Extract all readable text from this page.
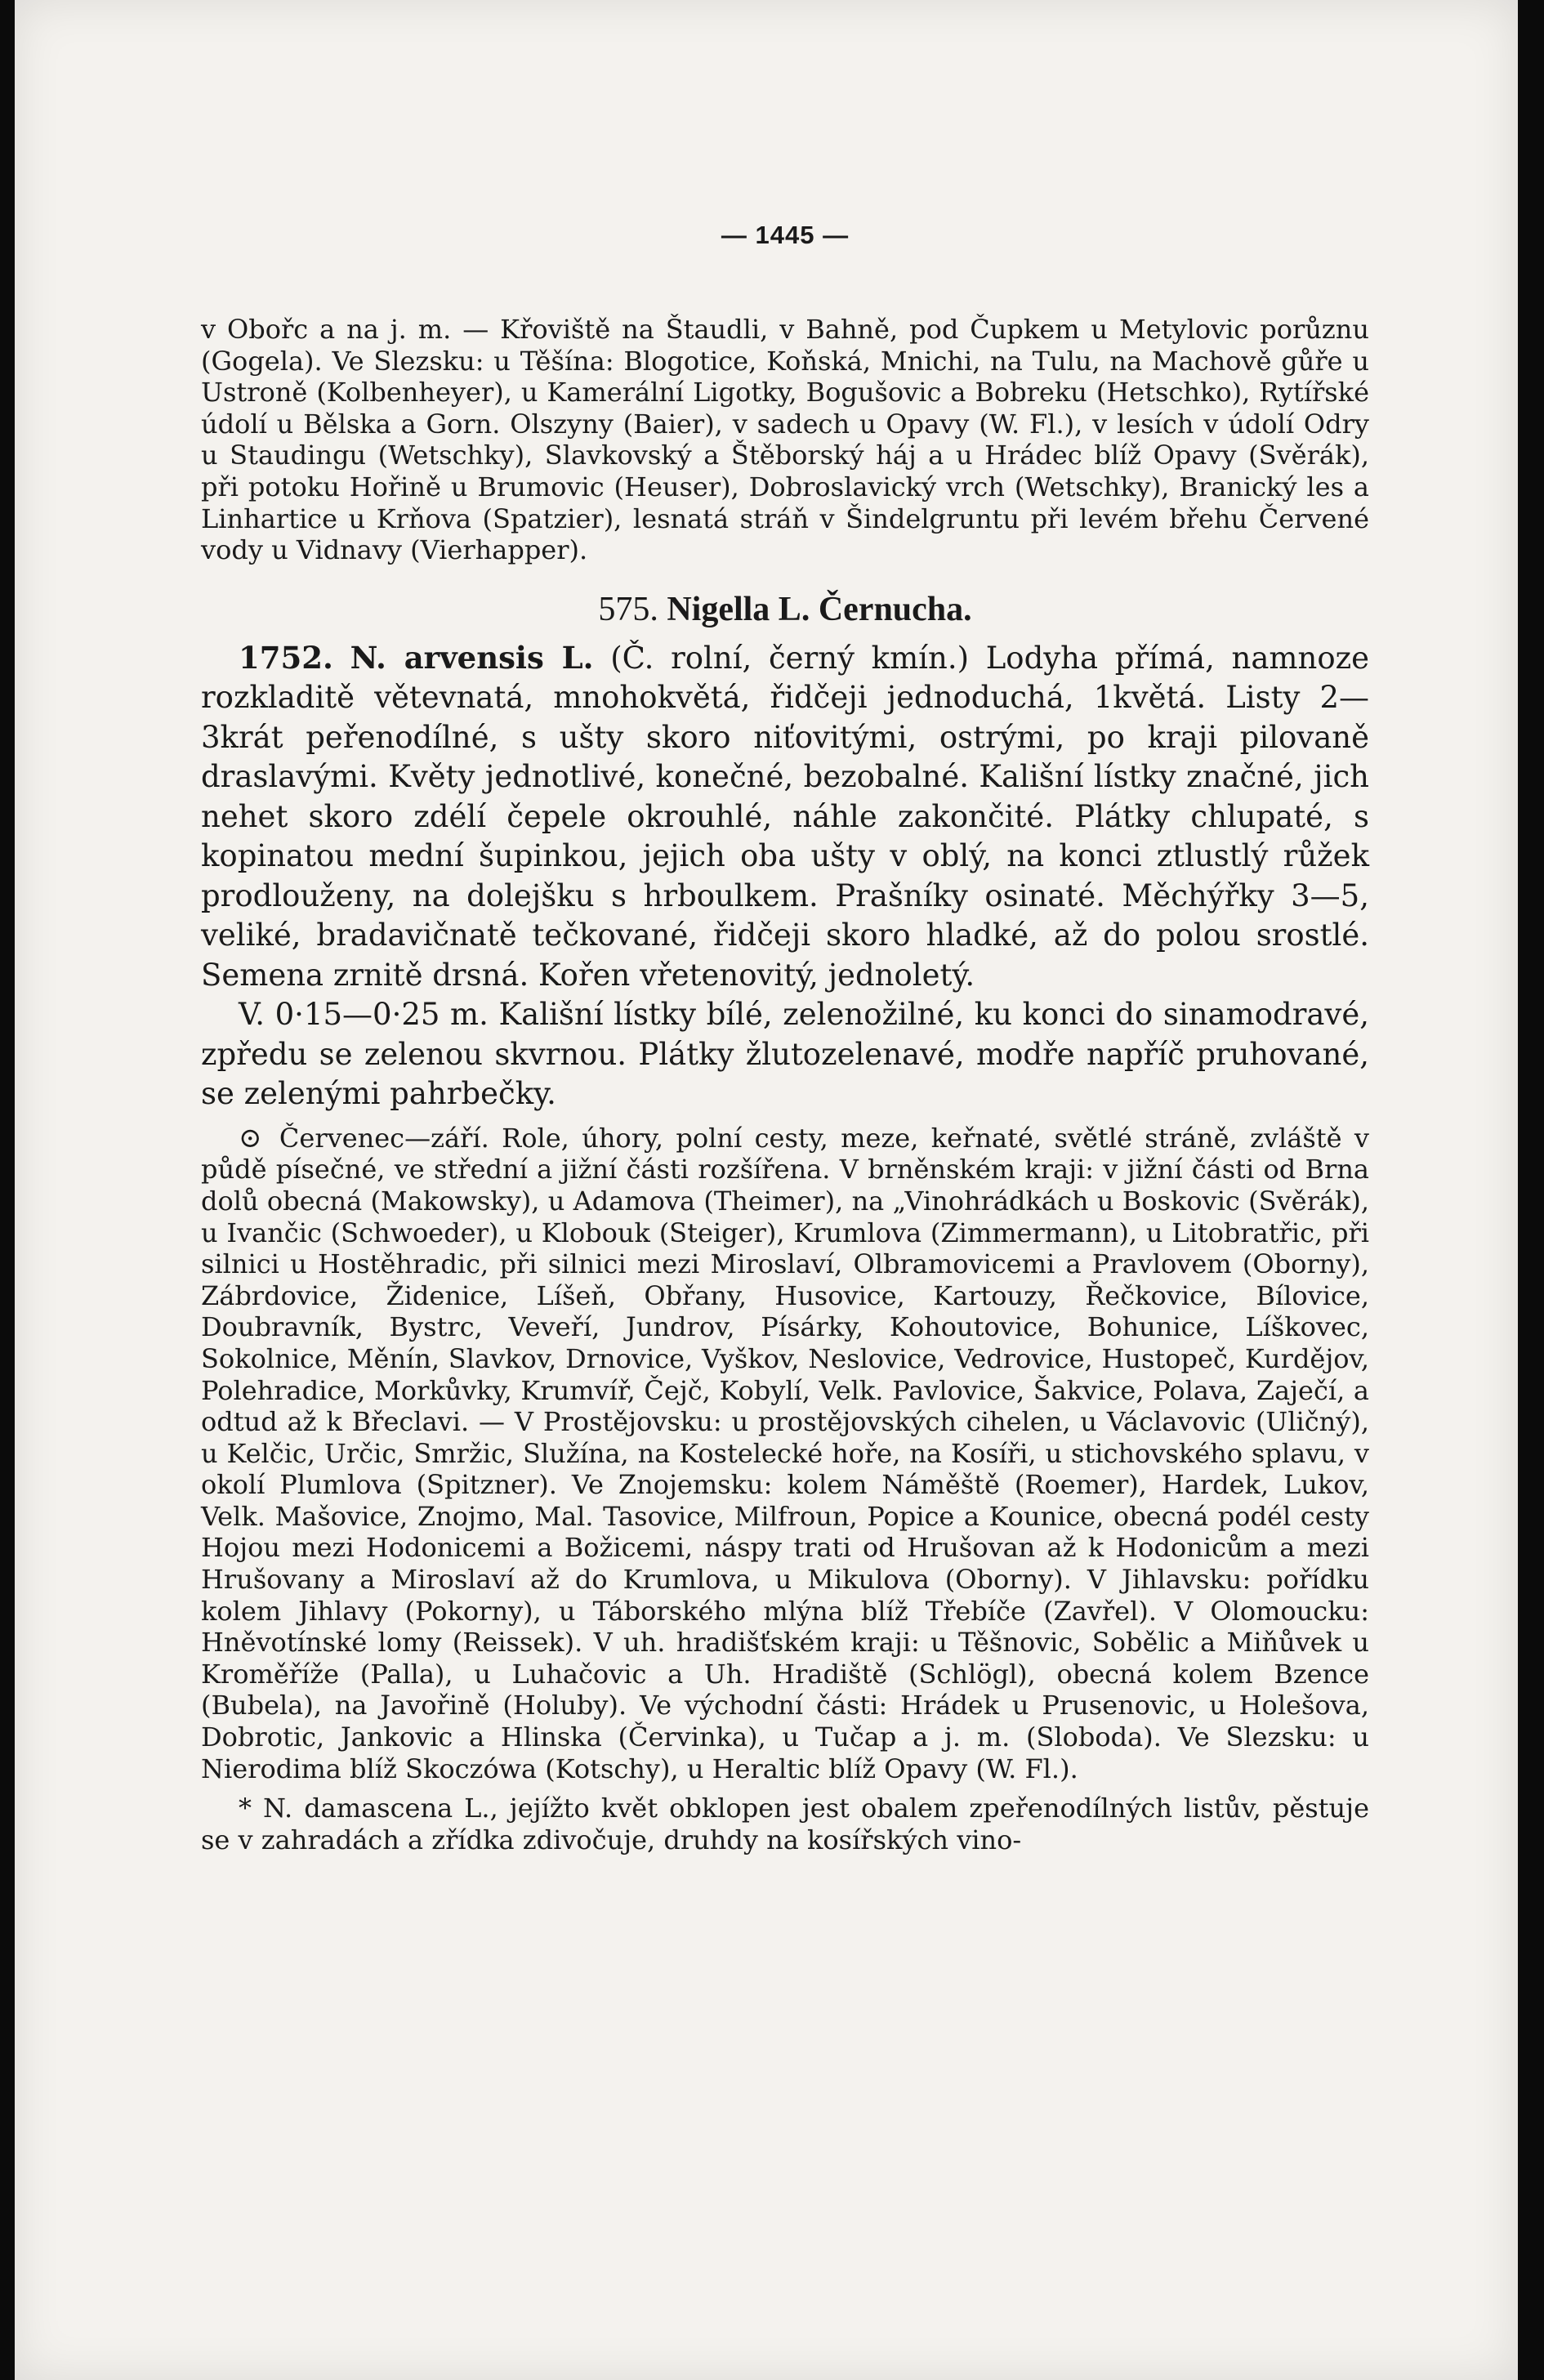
— 1445 —

v Obořc a na j. m. — Křoviště na Štaudli, v Bahně, pod Čupkem u Metylovic porůznu (Gogela). Ve Slezsku: u Těšína: Blogotice, Koňská, Mnichi, na Tulu, na Machově gůře u Ustroně (Kolbenheyer), u Kamerální Ligotky, Bogušovic a Bobreku (Hetschko), Rytířské údolí u Bělska a Gorn. Olszyny (Baier), v sadech u Opavy (W. Fl.), v lesích v údolí Odry u Staudingu (Wetschky), Slavkovský a Štěborský háj a u Hrádec blíž Opavy (Svěrák), při potoku Hořině u Brumovic (Heuser), Dobroslavický vrch (Wetschky), Branický les a Linhartice u Krňova (Spatzier), lesnatá stráň v Šindelgruntu při levém břehu Červené vody u Vidnavy (Vierhapper).

575. Nigella L. Černucha.

1752. N. arvensis L. (Č. rolní, černý kmín.) Lodyha přímá, namnoze rozkladitě větevnatá, mnohokvětá, řidčeji jednoduchá, 1květá. Listy 2—3krát peřenodílné, s ušty skoro niťovitými, ostrými, po kraji pilovaně draslavými. Květy jednotlivé, konečné, bezobalné. Kališní lístky značné, jich nehet skoro zdélí čepele okrouhlé, náhle zakončité. Plátky chlupaté, s kopinatou mední šupinkou, jejich oba ušty v oblý, na konci ztlustlý růžek prodlouženy, na dolejšku s hrboulkem. Prašníky osinaté. Měchýřky 3—5, veliké, bradavičnatě tečkované, řidčeji skoro hladké, až do polou srostlé. Semena zrnitě drsná. Kořen vřetenovitý, jednoletý.

V. 0·15—0·25 m. Kališní lístky bílé, zelenožilné, ku konci do sinamodravé, zpředu se zelenou skvrnou. Plátky žlutozelenavé, modře napříč pruhované, se zelenými pahrbečky.

⊙ Červenec—září. Role, úhory, polní cesty, meze, keřnaté, světlé stráně, zvláště v půdě písečné, ve střední a jižní části rozšířena. V brněnském kraji: v jižní části od Brna dolů obecná (Makowsky), u Adamova (Theimer), na „Vinohrádkách u Boskovic (Svěrák), u Ivančic (Schwoeder), u Klobouk (Steiger), Krumlova (Zimmermann), u Litobratřic, při silnici u Hostěhradic, při silnici mezi Miroslaví, Olbramovicemi a Pravlovem (Oborny), Zábrdovice, Židenice, Líšeň, Obřany, Husovice, Kartouzy, Řečkovice, Bílovice, Doubravník, Bystrc, Veveří, Jundrov, Písárky, Kohoutovice, Bohunice, Líškovec, Sokolnice, Měnín, Slavkov, Drnovice, Vyškov, Neslovice, Vedrovice, Hustopeč, Kurdějov, Polehradice, Morkůvky, Krumvíř, Čejč, Kobylí, Velk. Pavlovice, Šakvice, Polava, Zaječí, a odtud až k Břeclavi. — V Prostějovsku: u prostějovských cihelen, u Václavovic (Uličný), u Kelčic, Určic, Smržic, Služína, na Kostelecké hoře, na Kosíři, u stichovského splavu, v okolí Plumlova (Spitzner). Ve Znojemsku: kolem Náměště (Roemer), Hardek, Lukov, Velk. Mašovice, Znojmo, Mal. Tasovice, Milfroun, Popice a Kounice, obecná podél cesty Hojou mezi Hodonicemi a Božicemi, náspy trati od Hrušovan až k Hodonicům a mezi Hrušovany a Miroslaví až do Krumlova, u Mikulova (Oborny). V Jihlavsku: pořídku kolem Jihlavy (Pokorny), u Táborského mlýna blíž Třebíče (Zavřel). V Olomoucku: Hněvotínské lomy (Reissek). V uh. hradišťském kraji: u Těšnovic, Sobělic a Miňůvek u Kroměříže (Palla), u Luhačovic a Uh. Hradiště (Schlögl), obecná kolem Bzence (Bubela), na Javořině (Holuby). Ve východní části: Hrádek u Prusenovic, u Holešova, Dobrotic, Jankovic a Hlinska (Červinka), u Tučap a j. m. (Sloboda). Ve Slezsku: u Nierodima blíž Skoczówa (Kotschy), u Heraltic blíž Opavy (W. Fl.).

* N. damascena L., jejížto květ obklopen jest obalem zpeřenodílných listův, pěstuje se v zahradách a zřídka zdivočuje, druhdy na kosířských vino-
